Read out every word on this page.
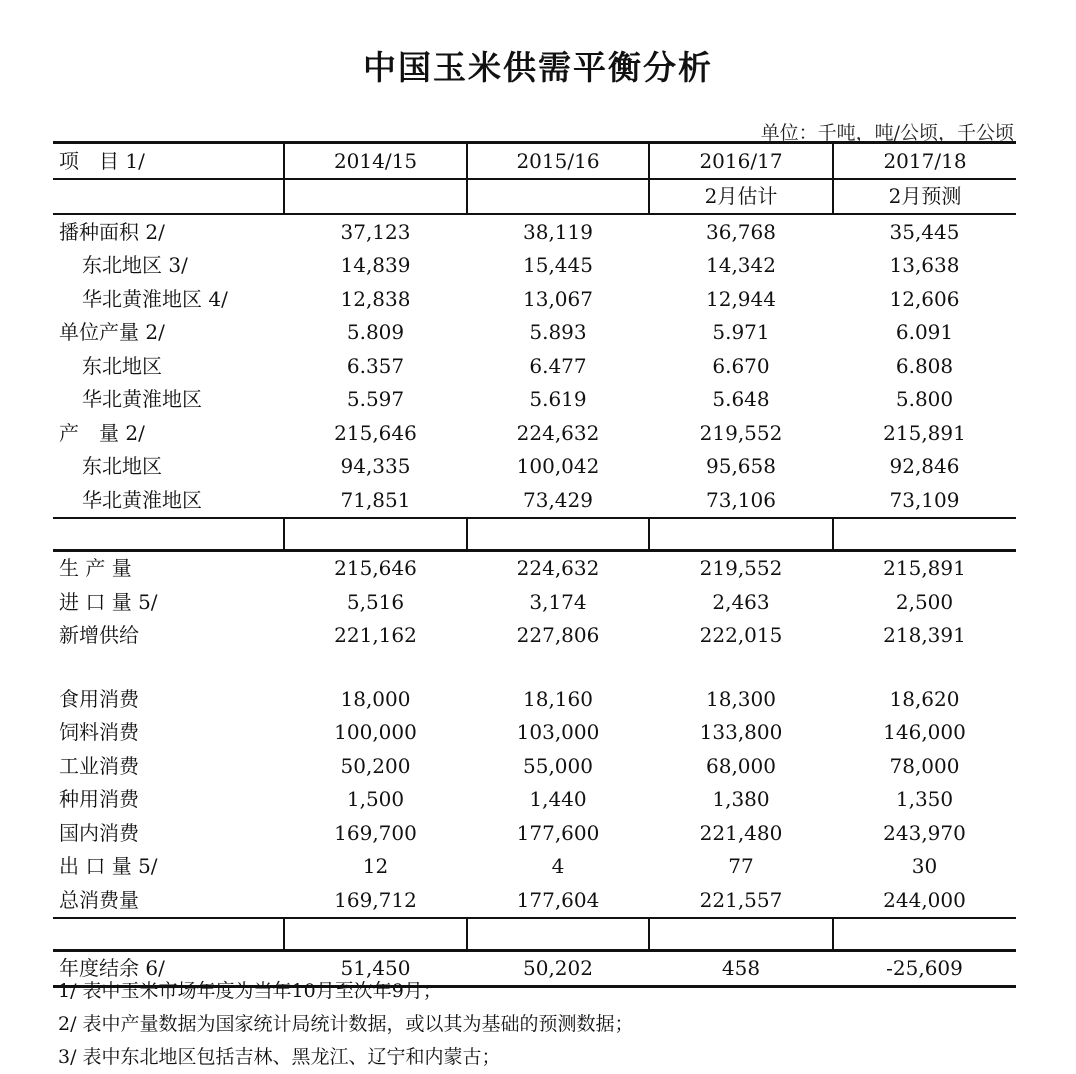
中国玉米供需平衡分析
单位：千吨，吨/公顷，千公顷
项　目 1/	2014/15	2015/16	2016/17	2017/18
			2月估计	2月预测
播种面积 2/	37,123	38,119	36,768	35,445
东北地区 3/	14,839	15,445	14,342	13,638
华北黄淮地区 4/	12,838	13,067	12,944	12,606
单位产量 2/	5.809	5.893	5.971	6.091
东北地区	6.357	6.477	6.670	6.808
华北黄淮地区	5.597	5.619	5.648	5.800
产　量 2/	215,646	224,632	219,552	215,891
东北地区	94,335	100,042	95,658	92,846
华北黄淮地区	71,851	73,429	73,106	73,109

生 产 量	215,646	224,632	219,552	215,891
进 口 量 5/	5,516	3,174	2,463	2,500
新增供给	221,162	227,806	222,015	218,391

食用消费	18,000	18,160	18,300	18,620
饲料消费	100,000	103,000	133,800	146,000
工业消费	50,200	55,000	68,000	78,000
种用消费	1,500	1,440	1,380	1,350
国内消费	169,700	177,600	221,480	243,970
出 口 量 5/	12	4	77	30
总消费量	169,712	177,604	221,557	244,000

年度结余 6/	51,450	50,202	458	-25,609
1/ 表中玉米市场年度为当年10月至次年9月；
2/ 表中产量数据为国家统计局统计数据，或以其为基础的预测数据；
3/ 表中东北地区包括吉林、黑龙江、辽宁和内蒙古；
